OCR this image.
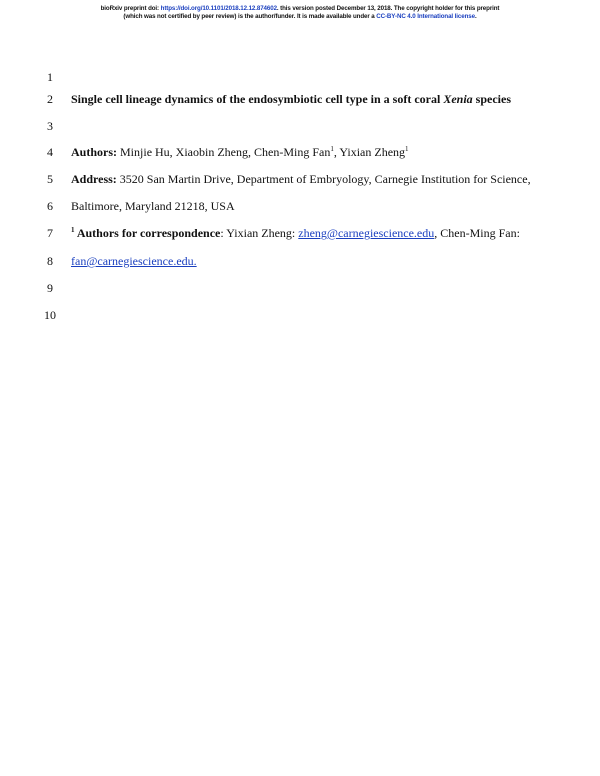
bioRxiv preprint doi: https://doi.org/10.1101/2018.12.12.874602. this version posted December 13, 2018. The copyright holder for this preprint
(which was not certified by peer review) is the author/funder. It is made available under a CC-BY-NC 4.0 International license.
1
2
3
4
5
6
7
8
9
10
Single cell lineage dynamics of the endosymbiotic cell type in a soft coral Xenia species
Authors: Minjie Hu, Xiaobin Zheng, Chen-Ming Fan$^1$, Yixian Zheng$^1$
Address: 3520 San Martin Drive, Department of Embryology, Carnegie Institution for Science,
Baltimore, Maryland 21218, USA
$^1$ Authors for correspondence: Yixian Zheng: zheng@carnegiescience.edu, Chen-Ming Fan:
fan@carnegiescience.edu.
